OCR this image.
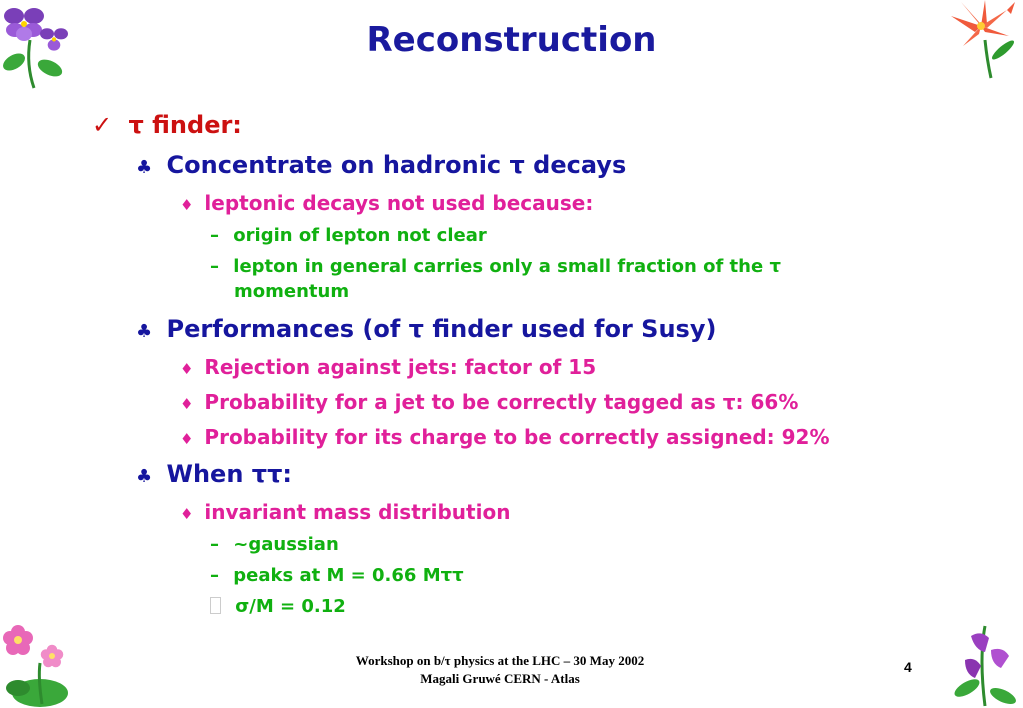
Reconstruction
✓ τ finder:
♣ Concentrate on hadronic τ decays
♦ leptonic decays not used because:
– origin of lepton not clear
– lepton in general carries only a small fraction of the τ
momentum
♣ Performances (of τ finder used for Susy)
♦ Rejection against jets: factor of 15
♦ Probability for a jet to be correctly tagged as τ: 66%
♦ Probability for its charge to be correctly assigned: 92%
♣ When ττ:
♦ invariant mass distribution
– ~gaussian
– peaks at M = 0.66 Mττ
σ/M = 0.12
Workshop on b/τ physics at the LHC – 30 May 2002
Magali Gruwé CERN - Atlas
4
